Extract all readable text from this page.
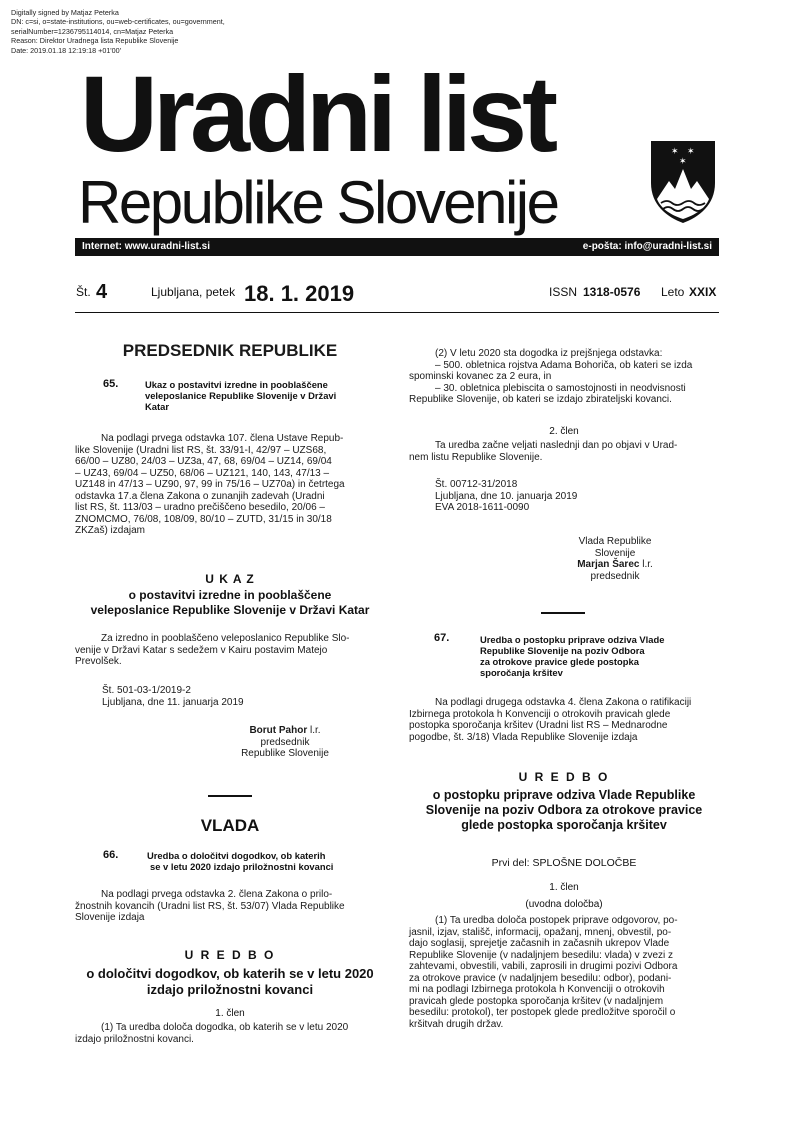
Digitally signed by Matjaz Peterka
DN: c=si, o=state-institutions, ou=web-certificates, ou=government,
serialNumber=1236795114014, cn=Matjaz Peterka
Reason: Direktor Uradnega lista Republike Slovenije
Date: 2019.01.18 12:19:18 +01'00'
Uradni list
Republike Slovenije
✶ ✶
✶
Internet: www.uradni-list.si	e-pošta: info@uradni-list.si
Št. 4	Ljubljana, petek 18. 1. 2019	ISSN 1318-0576 Leto XXIX
PREDSEDNIK REPUBLIKE
65.	Ukaz o postavitvi izredne in pooblaščene
veleposlanice Republike Slovenije v Državi
Katar
Na podlagi prvega odstavka 107. člena Ustave Repub-
like Slovenije (Uradni list RS, št. 33/91-I, 42/97 – UZS68,
66/00 – UZ80, 24/03 – UZ3a, 47, 68, 69/04 – UZ14, 69/04
– UZ43, 69/04 – UZ50, 68/06 – UZ121, 140, 143, 47/13 –
UZ148 in 47/13 – UZ90, 97, 99 in 75/16 – UZ70a) in četrtega
odstavka 17.a člena Zakona o zunanjih zadevah (Uradni
list RS, št. 113/03 – uradno prečiščeno besedilo, 20/06 –
ZNOMCMO, 76/08, 108/09, 80/10 – ZUTD, 31/15 in 30/18
ZKZaš) izdajam
U K A Z
o postavitvi izredne in pooblaščene
veleposlanice Republike Slovenije v Državi Katar
Za izredno in pooblaščeno veleposlanico Republike Slo-
venije v Državi Katar s sedežem v Kairu postavim Matejo
Prevolšek.
Št. 501-03-1/2019-2
Ljubljana, dne 11. januarja 2019
Borut Pahor l.r.
predsednik
Republike Slovenije
VLADA
66.	Uredba o določitvi dogodkov, ob katerih
se v letu 2020 izdajo priložnostni kovanci
Na podlagi prvega odstavka 2. člena Zakona o prilo-
žnostnih kovancih (Uradni list RS, št. 53/07) Vlada Republike
Slovenije izdaja
U R E D B O
o določitvi dogodkov, ob katerih se v letu 2020
izdajo priložnostni kovanci
1. člen
(1) Ta uredba določa dogodka, ob katerih se v letu 2020
izdajo priložnostni kovanci.
(2) V letu 2020 sta dogodka iz prejšnjega odstavka:
– 500. obletnica rojstva Adama Bohoriča, ob kateri se izda
spominski kovanec za 2 eura, in
– 30. obletnica plebiscita o samostojnosti in neodvisnosti
Republike Slovenije, ob kateri se izdajo zbirateljski kovanci.
2. člen
Ta uredba začne veljati naslednji dan po objavi v Urad-
nem listu Republike Slovenije.
Št. 00712-31/2018
Ljubljana, dne 10. januarja 2019
EVA 2018-1611-0090
Vlada Republike
Slovenije
Marjan Šarec l.r.
predsednik
67.	Uredba o postopku priprave odziva Vlade
Republike Slovenije na poziv Odbora
za otrokove pravice glede postopka
sporočanja kršitev
Na podlagi drugega odstavka 4. člena Zakona o ratifikaciji
Izbirnega protokola h Konvenciji o otrokovih pravicah glede
postopka sporočanja kršitev (Uradni list RS – Mednarodne
pogodbe, št. 3/18) Vlada Republike Slovenije izdaja
U R E D B O
o postopku priprave odziva Vlade Republike
Slovenije na poziv Odbora za otrokove pravice
glede postopka sporočanja kršitev
Prvi del: SPLOŠNE DOLOČBE
1. člen
(uvodna določba)
(1) Ta uredba določa postopek priprave odgovorov, po-
jasnil, izjav, stališč, informacij, opažanj, mnenj, obvestil, po-
dajo soglasij, sprejetje začasnih in začasnih ukrepov Vlade
Republike Slovenije (v nadaljnjem besedilu: vlada) v zvezi z
zahtevami, obvestili, vabili, zaprosili in drugimi pozivi Odbora
za otrokove pravice (v nadaljnjem besedilu: odbor), podani-
mi na podlagi Izbirnega protokola h Konvenciji o otrokovih
pravicah glede postopka sporočanja kršitev (v nadaljnjem
besedilu: protokol), ter postopek glede predložitve sporočil o
kršitvah drugih držav.
